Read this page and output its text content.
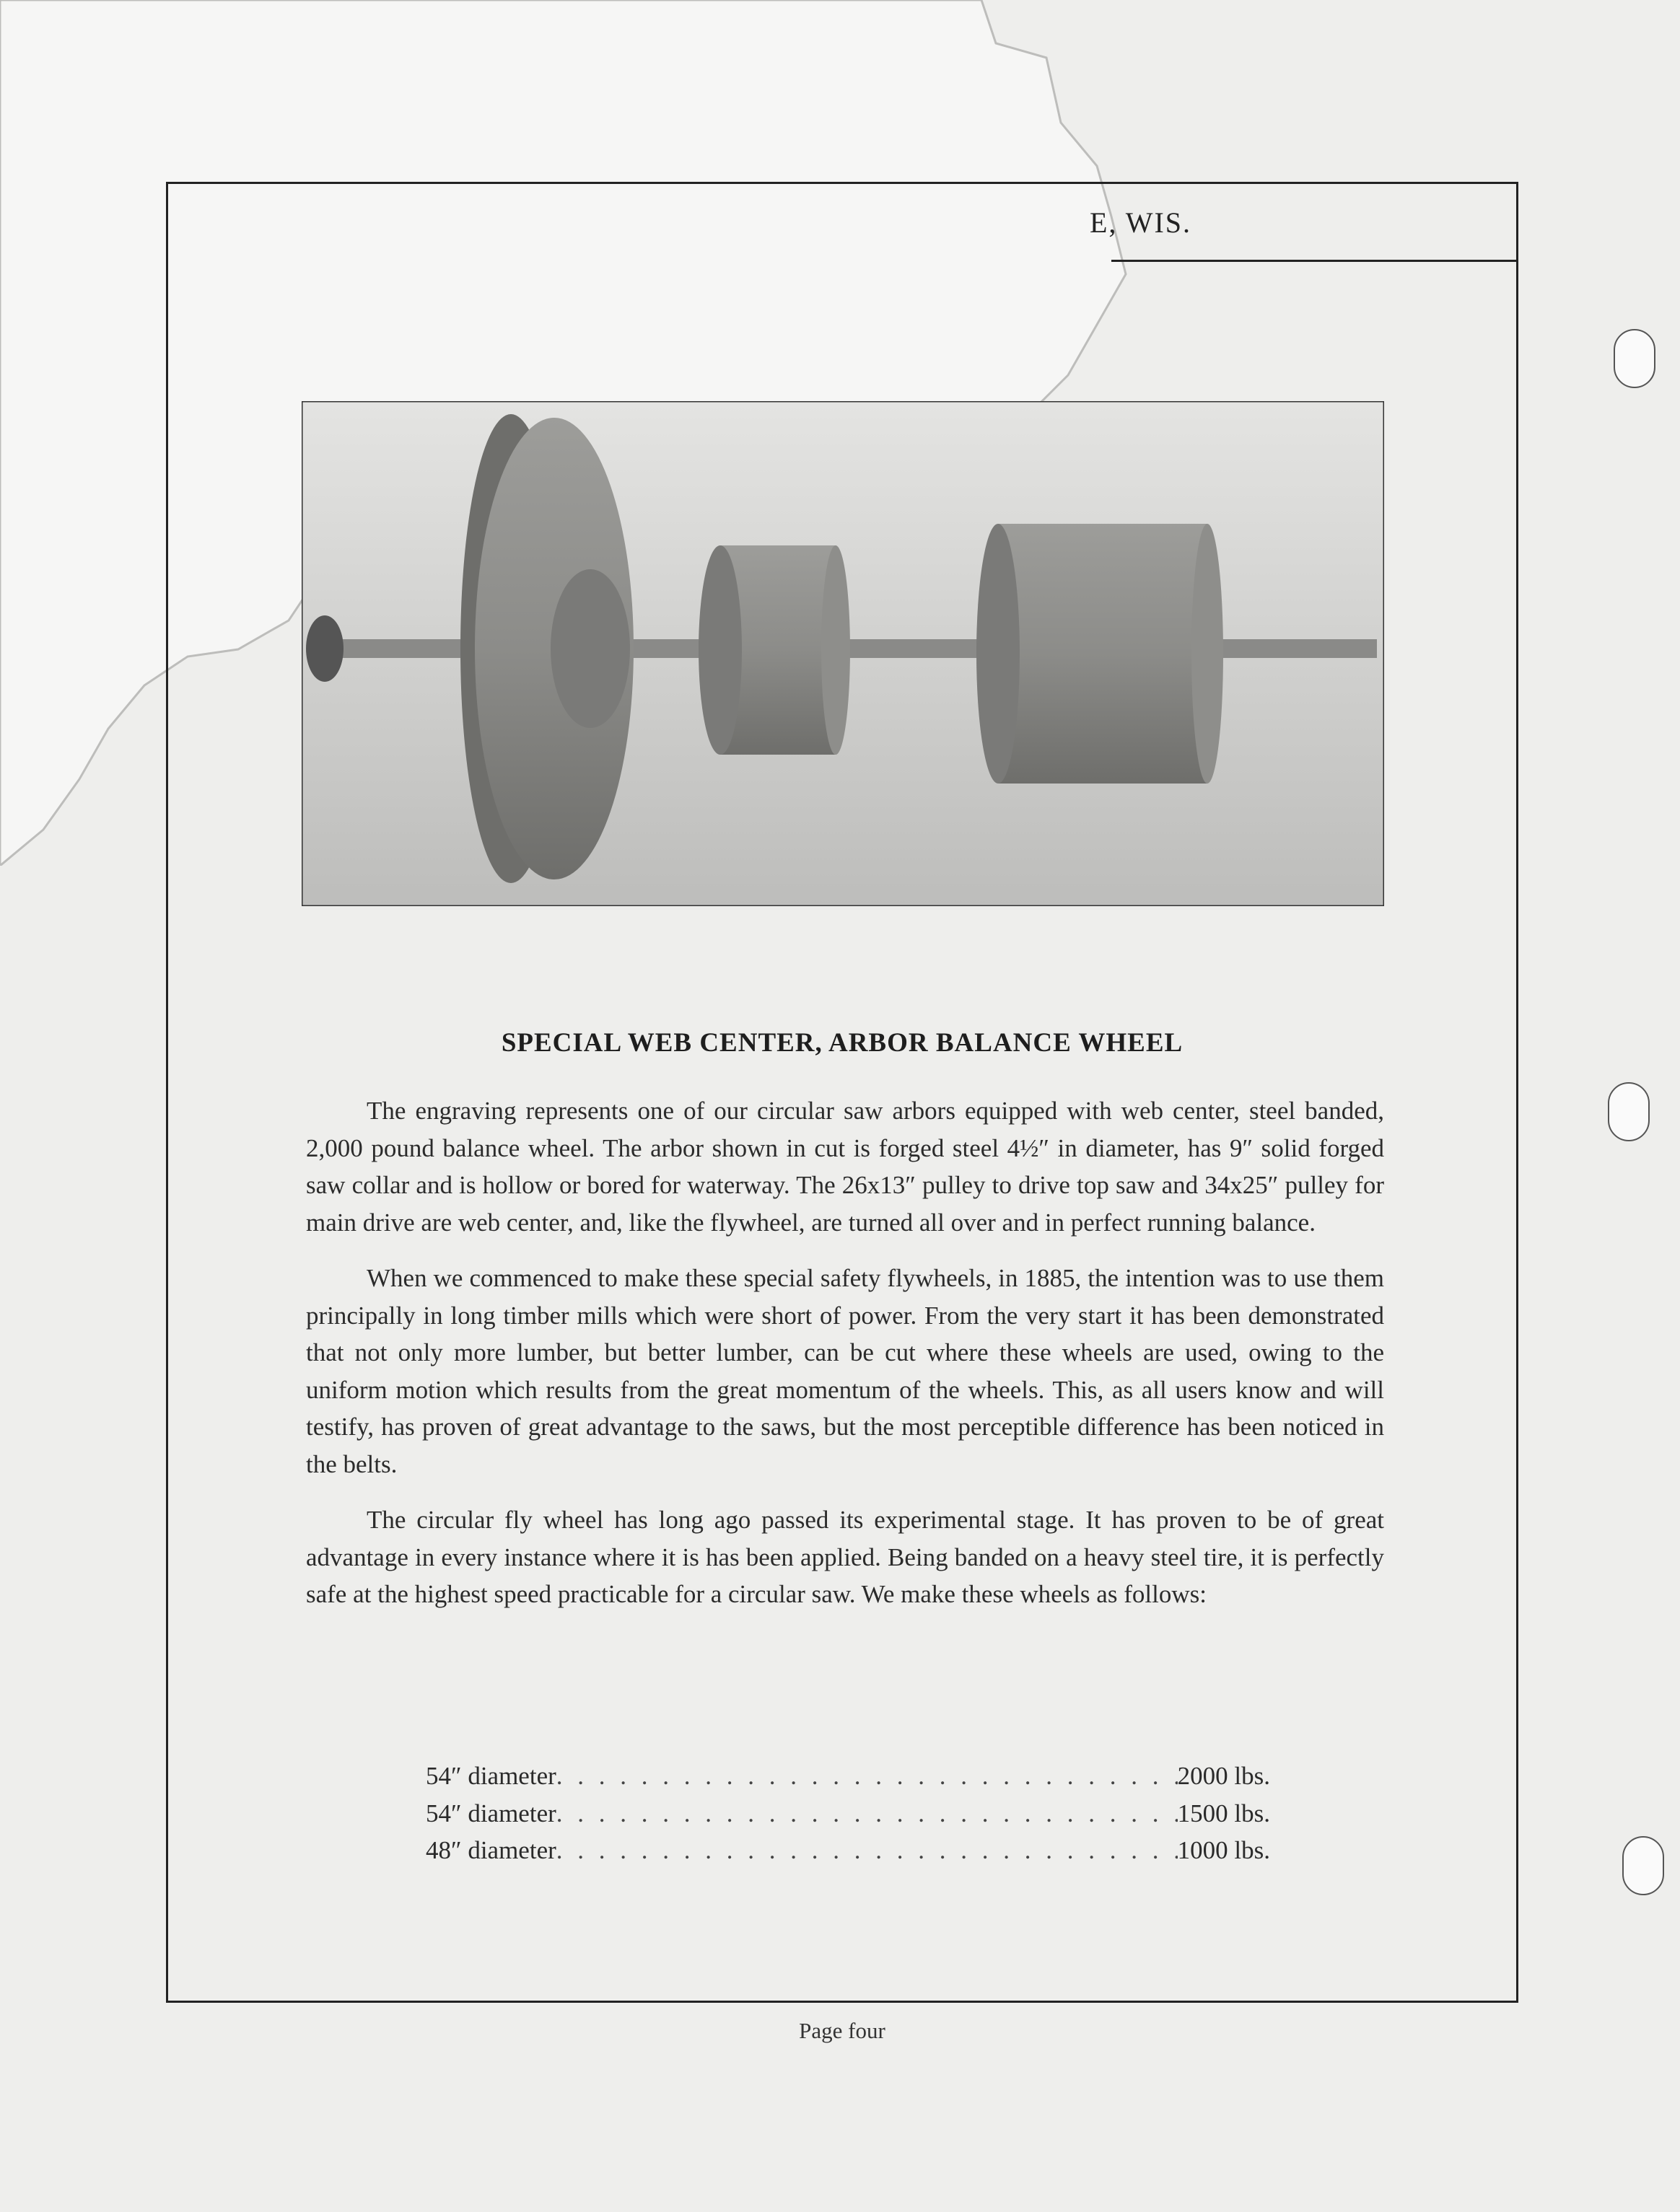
E, WIS.
SPECIAL WEB CENTER, ARBOR BALANCE WHEEL

The engraving represents one of our circular saw arbors equipped with web center, steel banded, 2,000 pound balance wheel. The arbor shown in cut is forged steel 4½″ in diameter, has 9″ solid forged saw collar and is hollow or bored for waterway. The 26x13″ pulley to drive top saw and 34x25″ pulley for main drive are web center, and, like the flywheel, are turned all over and in perfect running balance.

When we commenced to make these special safety flywheels, in 1885, the intention was to use them principally in long timber mills which were short of power. From the very start it has been demonstrated that not only more lumber, but better lumber, can be cut where these wheels are used, owing to the uniform motion which results from the great momentum of the wheels. This, as all users know and will testify, has proven of great advantage to the saws, but the most perceptible difference has been noticed in the belts.

The circular fly wheel has long ago passed its experimental stage. It has proven to be of great advantage in every instance where it is has been applied. Being banded on a heavy steel tire, it is perfectly safe at the highest speed practicable for a circular saw. We make these wheels as follows:

54″ diameter . . .	2000 lbs.
54″ diameter . . .	1500 lbs.
48″ diameter . . .	1000 lbs.
Page four
